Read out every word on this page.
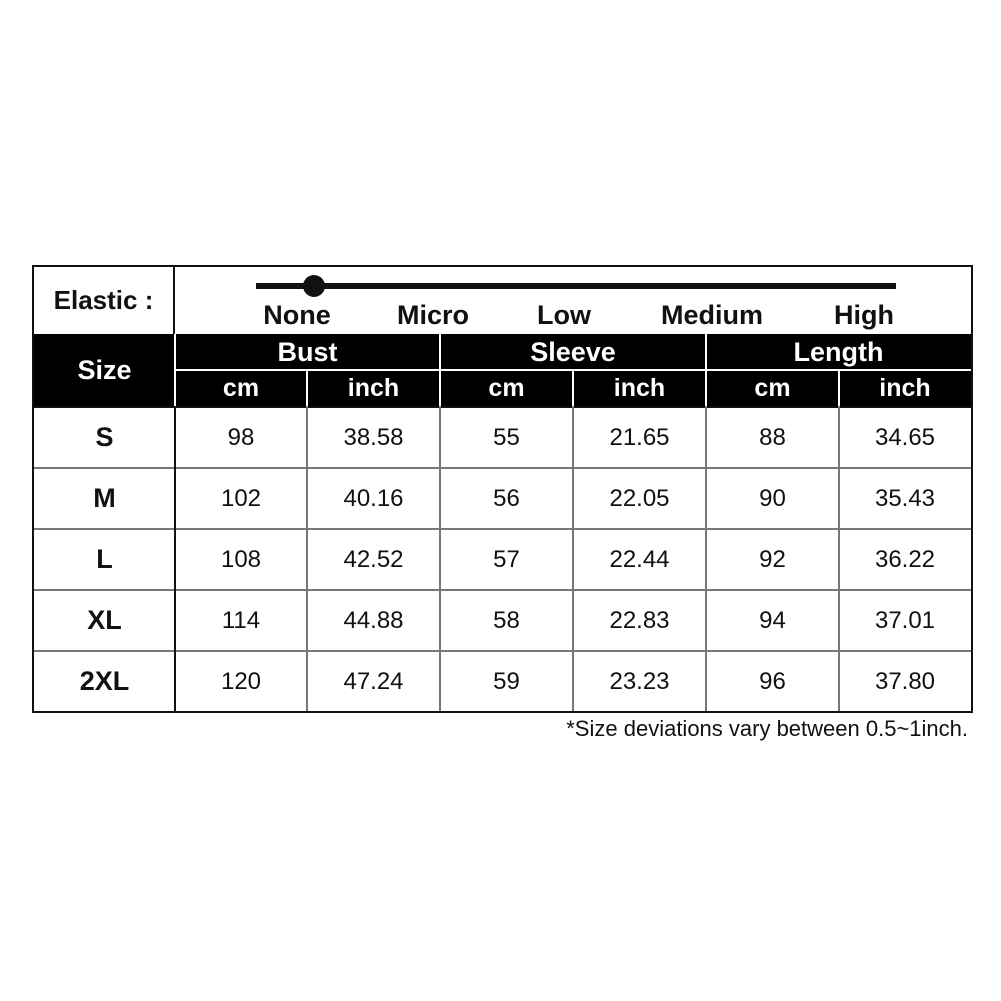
Elastic :	None Micro	Low	Medium	High
Size
Bust	Sleeve	Length
cm	inch	cm	inch	cm	inch
S	98	38.58	55	21.65	88	34.65
M	102	40.16	56	22.05	90	35.43
L	108	42.52	57	22.44	92	36.22
XL	114	44.88	58	22.83	94	37.01
2XL	120	47.24	59	23.23	96	37.80
*Size deviations vary between 0.5~1inch.
